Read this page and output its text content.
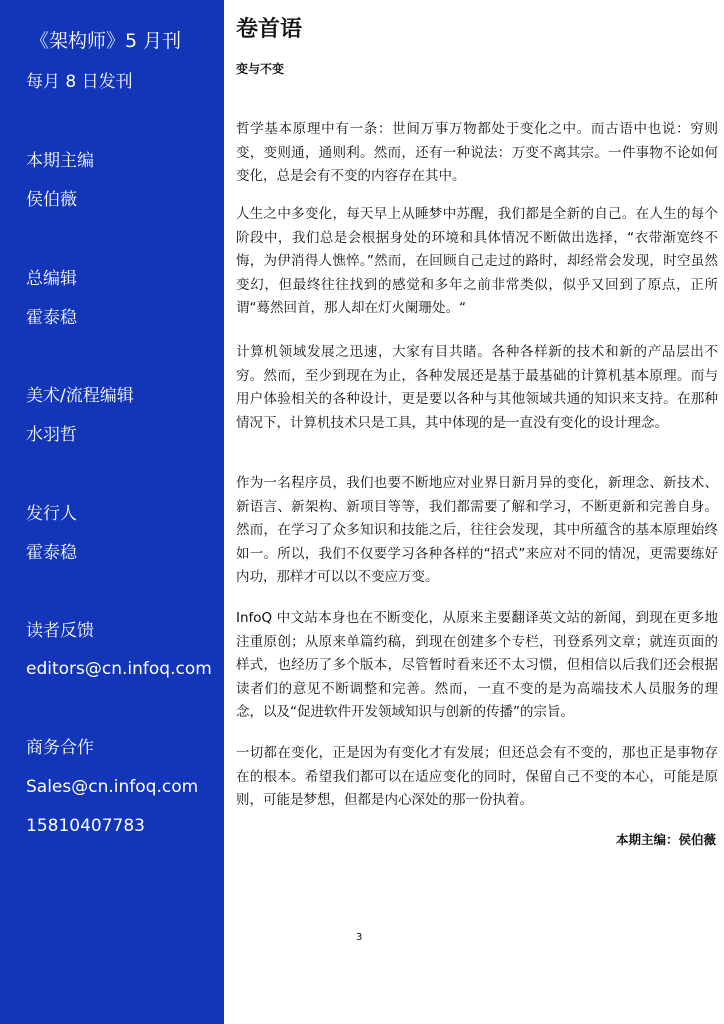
《架构师》5 月刊
每月 8 日发刊
本期主编
侯伯薇
总编辑
霍泰稳
美术/流程编辑
水羽哲
发行人
霍泰稳
读者反馈
editors@cn.infoq.com
商务合作
Sales@cn.infoq.com
15810407783
卷首语
变与不变

哲学基本原理中有一条：世间万事万物都处于变化之中。而古语中也说：穷则变，变则通，通则利。然而，还有一种说法：万变不离其宗。一件事物不论如何变化，总是会有不变的内容存在其中。

人生之中多变化，每天早上从睡梦中苏醒，我们都是全新的自己。在人生的每个阶段中，我们总是会根据身处的环境和具体情况不断做出选择，“衣带渐宽终不悔，为伊消得人憔悴。”然而，在回顾自己走过的路时，却经常会发现，时空虽然变幻，但最终往往找到的感觉和多年之前非常类似，似乎又回到了原点，正所谓“蓦然回首，那人却在灯火阑珊处。“

计算机领域发展之迅速，大家有目共睹。各种各样新的技术和新的产品层出不穷。然而，至少到现在为止，各种发展还是基于最基础的计算机基本原理。而与用户体验相关的各种设计，更是要以各种与其他领域共通的知识来支持。在那种情况下，计算机技术只是工具，其中体现的是一直没有变化的设计理念。

作为一名程序员，我们也要不断地应对业界日新月异的变化，新理念、新技术、新语言、新架构、新项目等等，我们都需要了解和学习，不断更新和完善自身。然而，在学习了众多知识和技能之后，往往会发现，其中所蕴含的基本原理始终如一。所以，我们不仅要学习各种各样的“招式”来应对不同的情况，更需要练好内功，那样才可以以不变应万变。

InfoQ 中文站本身也在不断变化，从原来主要翻译英文站的新闻，到现在更多地注重原创；从原来单篇约稿，到现在创建多个专栏，刊登系列文章；就连页面的样式，也经历了多个版本，尽管暂时看来还不太习惯，但相信以后我们还会根据读者们的意见不断调整和完善。然而，一直不变的是为高端技术人员服务的理念，以及“促进软件开发领域知识与创新的传播”的宗旨。

一切都在变化，正是因为有变化才有发展；但还总会有不变的，那也正是事物存在的根本。希望我们都可以在适应变化的同时，保留自己不变的本心，可能是原则，可能是梦想，但都是内心深处的那一份执着。

本期主编：侯伯薇
3
